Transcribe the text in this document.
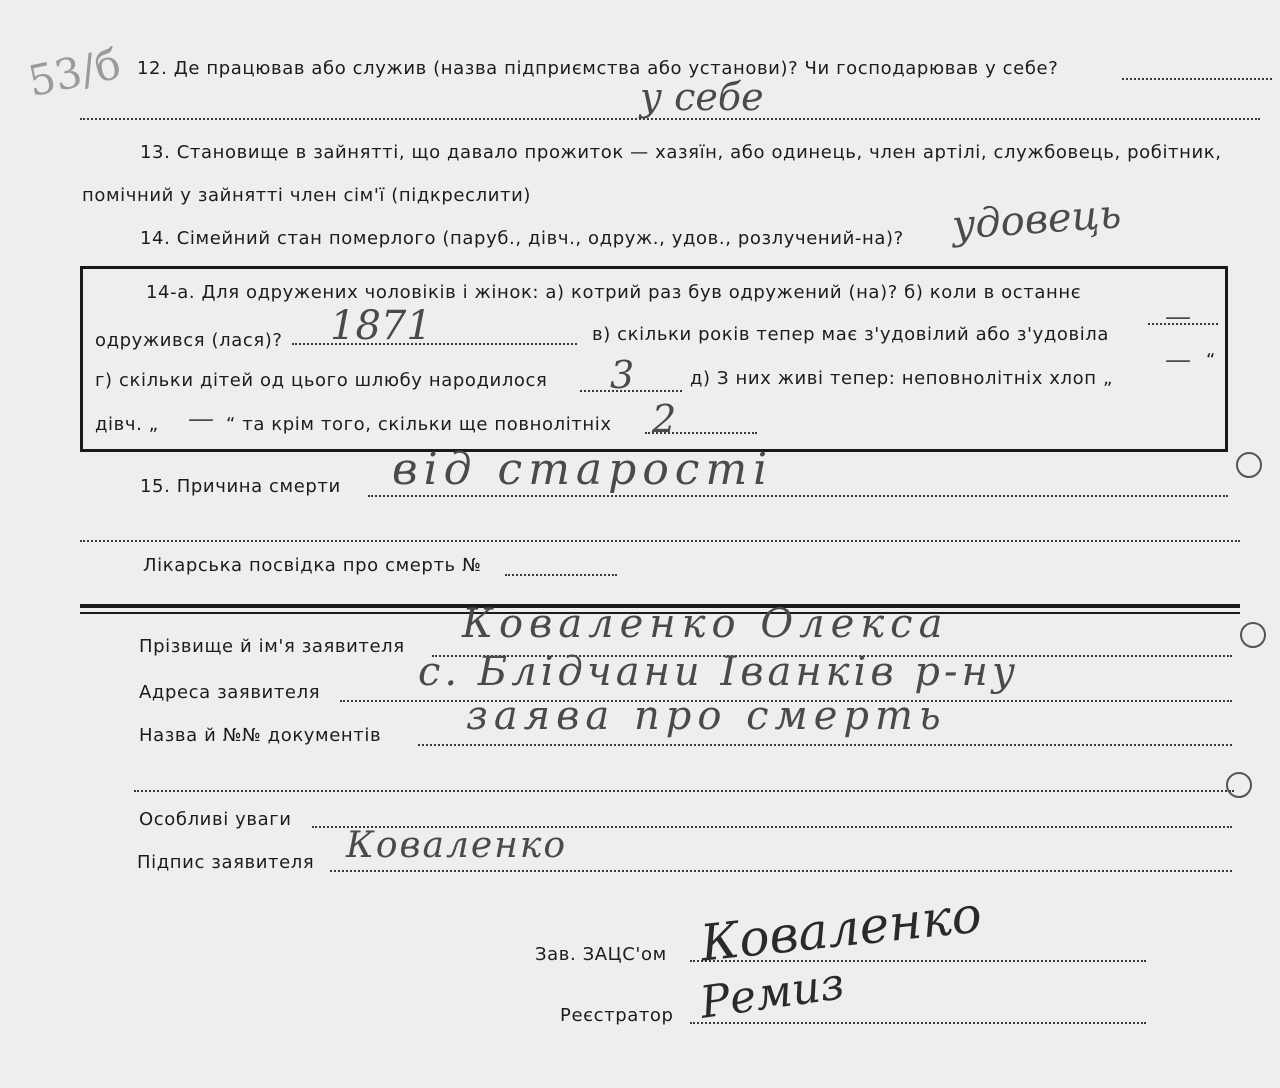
53/б 12. Де працював або служив (назва підприємства або установи)? Чи господарював у себе?
у себе
13. Становище в зайнятті, що давало прожиток — хазяїн, або одинець, член артілі, службовець, робітник,
помічний у зайнятті член сім'ї (підкреслити)
14. Сімейний стан померлого (паруб., дівч., одруж., удов., розлучений-на)? удовець
14-а. Для одружених чоловіків і жінок: а) котрий раз був одружений (на)? б) коли в останнє
одружився (лася)? 1871	в) скільки років тепер має з'удовілий або з'удовіла
—
г) скільки дітей од цього шлюбу народилося 3	д) З них живі тепер: неповнолітніх хлоп „
— “
дівч. „ — “ та крім того, скільки ще повнолітніх 2
15. Причина смерти від старості
Лікарська посвідка про смерть №
Прізвище й ім'я заявителя Коваленко Олекса
Адреса заявителя с. Блідчани Іванків р-ну
Назва й №№ документів заява про смерть
Особливі уваги
Підпис заявителя Коваленко
Зав. ЗАЦС'ом Коваленко
Реєстратор Ремиз
